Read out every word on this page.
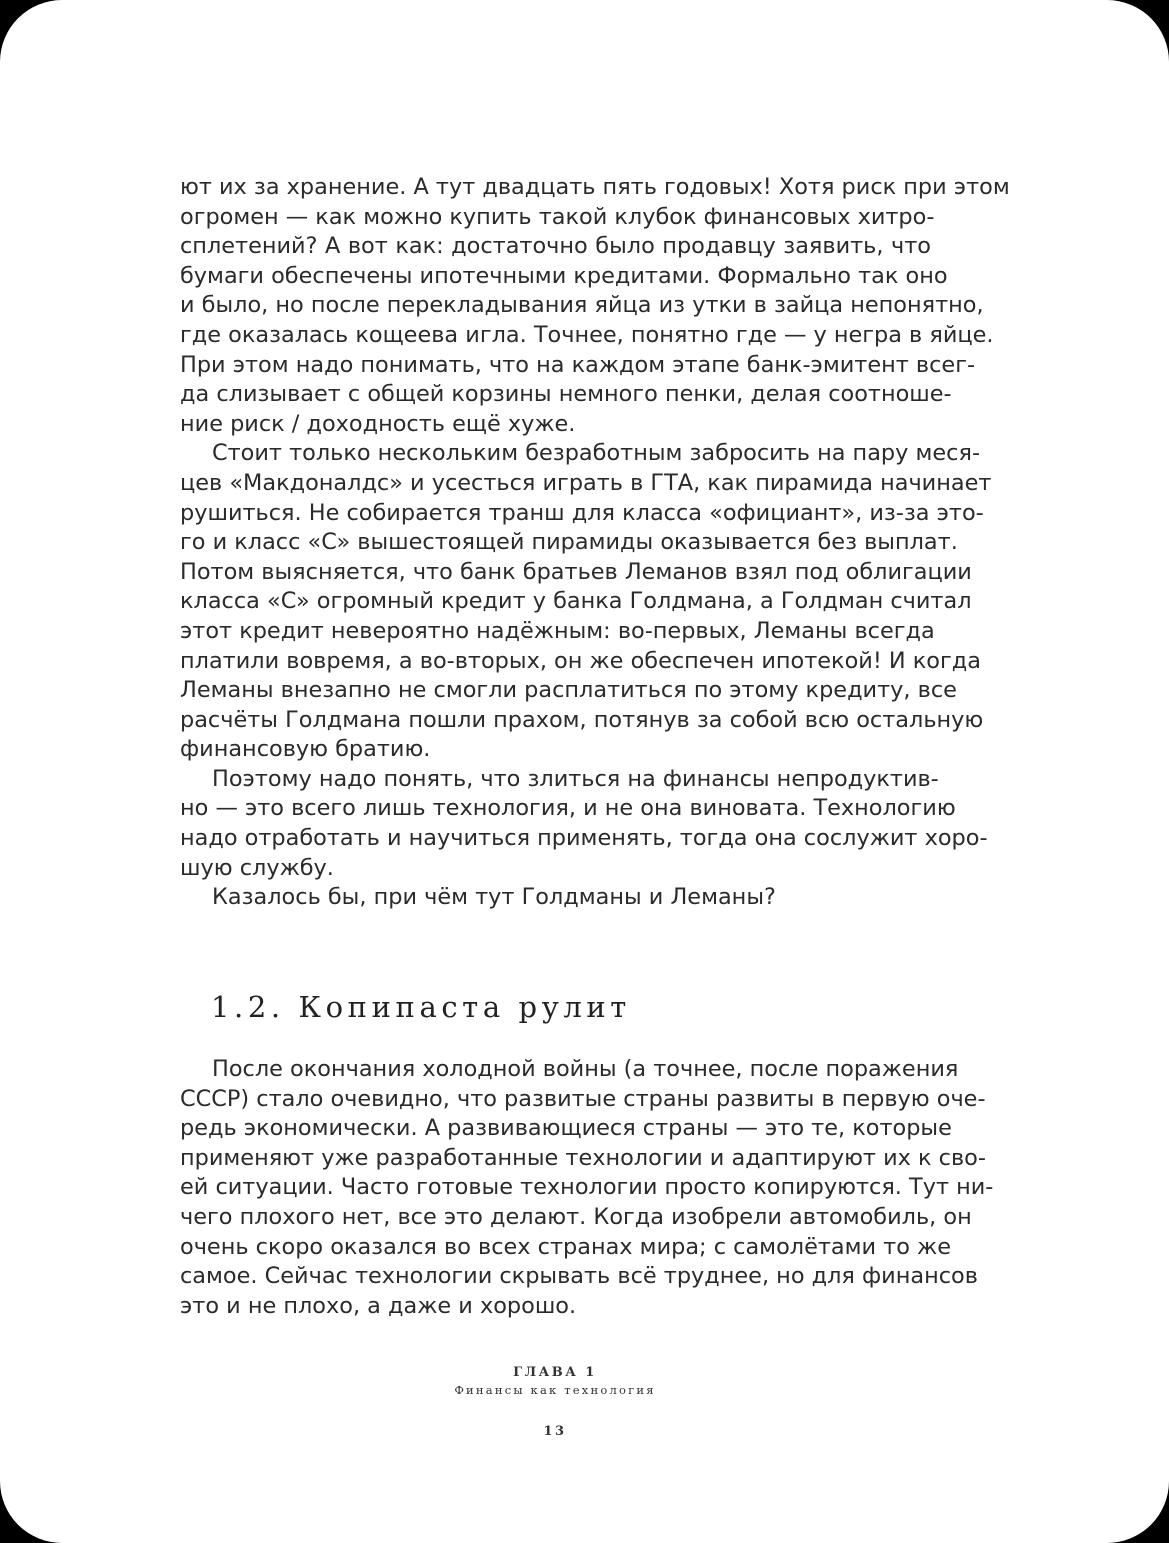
ют их за хранение. А тут двадцать пять годовых! Хотя риск при этом
огромен — как можно купить такой клубок финансовых хитро-
сплетений? А вот как: достаточно было продавцу заявить, что
бумаги обеспечены ипотечными кредитами. Формально так оно
и было, но после перекладывания яйца из утки в зайца непонятно,
где оказалась кощеева игла. Точнее, понятно где — у негра в яйце.
При этом надо понимать, что на каждом этапе банк-эмитент всег-
да слизывает с общей корзины немного пенки, делая соотноше-
ние риск / доходность ещё хуже.
Стоит только нескольким безработным забросить на пару меся-
цев «Макдоналдс» и усесться играть в ГТА, как пирамида начинает
рушиться. Не собирается транш для класса «официант», из-за это-
го и класс «C» вышестоящей пирамиды оказывается без выплат.
Потом выясняется, что банк братьев Леманов взял под облигации
класса «C» огромный кредит у банка Голдмана, а Голдман считал
этот кредит невероятно надёжным: во-первых, Леманы всегда
платили вовремя, а во-вторых, он же обеспечен ипотекой! И когда
Леманы внезапно не смогли расплатиться по этому кредиту, все
расчёты Голдмана пошли прахом, потянув за собой всю остальную
финансовую братию.
Поэтому надо понять, что злиться на финансы непродуктив-
но — это всего лишь технология, и не она виновата. Технологию
надо отработать и научиться применять, тогда она сослужит хоро-
шую службу.
Казалось бы, при чём тут Голдманы и Леманы?
1.2. Копипаста рулит
После окончания холодной войны (а точнее, после поражения
СССР) стало очевидно, что развитые страны развиты в первую оче-
редь экономически. А развивающиеся страны — это те, которые
применяют уже разработанные технологии и адаптируют их к сво-
ей ситуации. Часто готовые технологии просто копируются. Тут ни-
чего плохого нет, все это делают. Когда изобрели автомобиль, он
очень скоро оказался во всех странах мира; с самолётами то же
самое. Сейчас технологии скрывать всё труднее, но для финансов
это и не плохо, а даже и хорошо.
ГЛАВА 1
Финансы как технология
13
